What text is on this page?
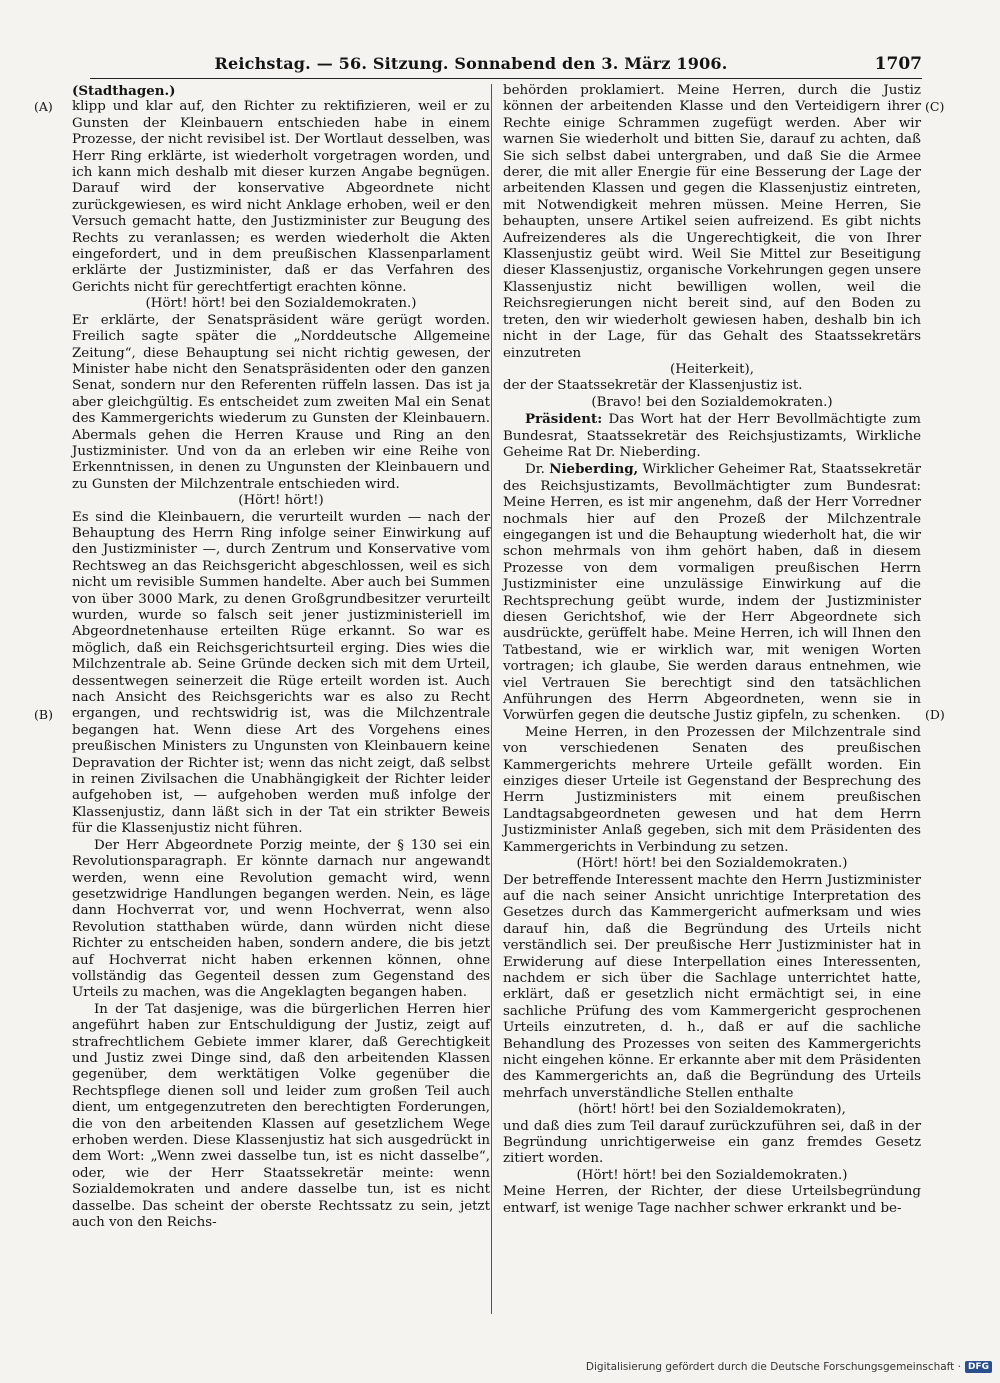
Reichstag. — 56. Sitzung. Sonnabend den 3. März 1906.	1707
(A)
(B)
(C)
(D)

(Stadthagen.)

klipp und klar auf, den Richter zu rektifizieren, weil er zu Gunsten der Kleinbauern entschieden habe in einem Prozesse, der nicht revisibel ist. Der Wortlaut desselben, was Herr Ring erklärte, ist wiederholt vorgetragen worden, und ich kann mich deshalb mit dieser kurzen Angabe begnügen. Darauf wird der konservative Abgeordnete nicht zurückgewiesen, es wird nicht Anklage erhoben, weil er den Versuch gemacht hatte, den Justizminister zur Beugung des Rechts zu veranlassen; es werden wiederholt die Akten eingefordert, und in dem preußischen Klassenparlament erklärte der Justizminister, daß er das Verfahren des Gerichts nicht für gerechtfertigt erachten könne.

(Hört! hört! bei den Sozialdemokraten.)

Er erklärte, der Senatspräsident wäre gerügt worden. Freilich sagte später die „Norddeutsche Allgemeine Zeitung“, diese Behauptung sei nicht richtig gewesen, der Minister habe nicht den Senatspräsidenten oder den ganzen Senat, sondern nur den Referenten rüffeln lassen. Das ist ja aber gleichgültig. Es entscheidet zum zweiten Mal ein Senat des Kammergerichts wiederum zu Gunsten der Kleinbauern. Abermals gehen die Herren Krause und Ring an den Justizminister. Und von da an erleben wir eine Reihe von Erkenntnissen, in denen zu Ungunsten der Kleinbauern und zu Gunsten der Milchzentrale entschieden wird.

(Hört! hört!)

Es sind die Kleinbauern, die verurteilt wurden — nach der Behauptung des Herrn Ring infolge seiner Einwirkung auf den Justizminister —, durch Zentrum und Konservative vom Rechtsweg an das Reichsgericht abgeschlossen, weil es sich nicht um revisible Summen handelte. Aber auch bei Summen von über 3000 Mark, zu denen Großgrundbesitzer verurteilt wurden, wurde so falsch seit jener justizministeriell im Abgeordnetenhause erteilten Rüge erkannt. So war es möglich, daß ein Reichsgerichtsurteil erging. Dies wies die Milchzentrale ab. Seine Gründe decken sich mit dem Urteil, dessentwegen seinerzeit die Rüge erteilt worden ist. Auch nach Ansicht des Reichsgerichts war es also zu Recht ergangen, und rechtswidrig ist, was die Milchzentrale begangen hat. Wenn diese Art des Vorgehens eines preußischen Ministers zu Ungunsten von Kleinbauern keine Depravation der Richter ist; wenn das nicht zeigt, daß selbst in reinen Zivilsachen die Unabhängigkeit der Richter leider aufgehoben ist, — aufgehoben werden muß infolge der Klassenjustiz, dann läßt sich in der Tat ein strikter Beweis für die Klassenjustiz nicht führen.

Der Herr Abgeordnete Porzig meinte, der § 130 sei ein Revolutionsparagraph. Er könnte darnach nur angewandt werden, wenn eine Revolution gemacht wird, wenn gesetzwidrige Handlungen begangen werden. Nein, es läge dann Hochverrat vor, und wenn Hochverrat, wenn also Revolution statthaben würde, dann würden nicht diese Richter zu entscheiden haben, sondern andere, die bis jetzt auf Hochverrat nicht haben erkennen können, ohne vollständig das Gegenteil dessen zum Gegenstand des Urteils zu machen, was die Angeklagten begangen haben.

In der Tat dasjenige, was die bürgerlichen Herren hier angeführt haben zur Entschuldigung der Justiz, zeigt auf strafrechtlichem Gebiete immer klarer, daß Gerechtigkeit und Justiz zwei Dinge sind, daß den arbeitenden Klassen gegenüber, dem werktätigen Volke gegenüber die Rechtspflege dienen soll und leider zum großen Teil auch dient, um entgegenzutreten den berechtigten Forderungen, die von den arbeitenden Klassen auf gesetzlichem Wege erhoben werden. Diese Klassenjustiz hat sich ausgedrückt in dem Wort: „Wenn zwei dasselbe tun, ist es nicht dasselbe“, oder, wie der Herr Staatssekretär meinte: wenn Sozialdemokraten und andere dasselbe tun, ist es nicht dasselbe. Das scheint der oberste Rechtssatz zu sein, jetzt auch von den Reichs-

behörden proklamiert. Meine Herren, durch die Justiz können der arbeitenden Klasse und den Verteidigern ihrer Rechte einige Schrammen zugefügt werden. Aber wir warnen Sie wiederholt und bitten Sie, darauf zu achten, daß Sie sich selbst dabei untergraben, und daß Sie die Armee derer, die mit aller Energie für eine Besserung der Lage der arbeitenden Klassen und gegen die Klassenjustiz eintreten, mit Notwendigkeit mehren müssen. Meine Herren, Sie behaupten, unsere Artikel seien aufreizend. Es gibt nichts Aufreizenderes als die Ungerechtigkeit, die von Ihrer Klassenjustiz geübt wird. Weil Sie Mittel zur Beseitigung dieser Klassenjustiz, organische Vorkehrungen gegen unsere Klassenjustiz nicht bewilligen wollen, weil die Reichsregierungen nicht bereit sind, auf den Boden zu treten, den wir wiederholt gewiesen haben, deshalb bin ich nicht in der Lage, für das Gehalt des Staatssekretärs einzutreten

(Heiterkeit),

der der Staatssekretär der Klassenjustiz ist.

(Bravo! bei den Sozialdemokraten.)

Präsident: Das Wort hat der Herr Bevollmächtigte zum Bundesrat, Staatssekretär des Reichsjustizamts, Wirkliche Geheime Rat Dr. Nieberding.

Dr. Nieberding, Wirklicher Geheimer Rat, Staatssekretär des Reichsjustizamts, Bevollmächtigter zum Bundesrat: Meine Herren, es ist mir angenehm, daß der Herr Vorredner nochmals hier auf den Prozeß der Milchzentrale eingegangen ist und die Behauptung wiederholt hat, die wir schon mehrmals von ihm gehört haben, daß in diesem Prozesse von dem vormaligen preußischen Herrn Justizminister eine unzulässige Einwirkung auf die Rechtsprechung geübt wurde, indem der Justizminister diesen Gerichtshof, wie der Herr Abgeordnete sich ausdrückte, gerüffelt habe. Meine Herren, ich will Ihnen den Tatbestand, wie er wirklich war, mit wenigen Worten vortragen; ich glaube, Sie werden daraus entnehmen, wie viel Vertrauen Sie berechtigt sind den tatsächlichen Anführungen des Herrn Abgeordneten, wenn sie in Vorwürfen gegen die deutsche Justiz gipfeln, zu schenken.

Meine Herren, in den Prozessen der Milchzentrale sind von verschiedenen Senaten des preußischen Kammergerichts mehrere Urteile gefällt worden. Ein einziges dieser Urteile ist Gegenstand der Besprechung des Herrn Justizministers mit einem preußischen Landtagsabgeordneten gewesen und hat dem Herrn Justizminister Anlaß gegeben, sich mit dem Präsidenten des Kammergerichts in Verbindung zu setzen.

(Hört! hört! bei den Sozialdemokraten.)

Der betreffende Interessent machte den Herrn Justizminister auf die nach seiner Ansicht unrichtige Interpretation des Gesetzes durch das Kammergericht aufmerksam und wies darauf hin, daß die Begründung des Urteils nicht verständlich sei. Der preußische Herr Justizminister hat in Erwiderung auf diese Interpellation eines Interessenten, nachdem er sich über die Sachlage unterrichtet hatte, erklärt, daß er gesetzlich nicht ermächtigt sei, in eine sachliche Prüfung des vom Kammergericht gesprochenen Urteils einzutreten, d. h., daß er auf die sachliche Behandlung des Prozesses von seiten des Kammergerichts nicht eingehen könne. Er erkannte aber mit dem Präsidenten des Kammergerichts an, daß die Begründung des Urteils mehrfach unverständliche Stellen enthalte

(hört! hört! bei den Sozialdemokraten),

und daß dies zum Teil darauf zurückzuführen sei, daß in der Begründung unrichtigerweise ein ganz fremdes Gesetz zitiert worden.

(Hört! hört! bei den Sozialdemokraten.)

Meine Herren, der Richter, der diese Urteilsbegründung entwarf, ist wenige Tage nachher schwer erkrankt und be-

Digitalisierung gefördert durch die Deutsche Forschungsgemeinschaft · DFG
